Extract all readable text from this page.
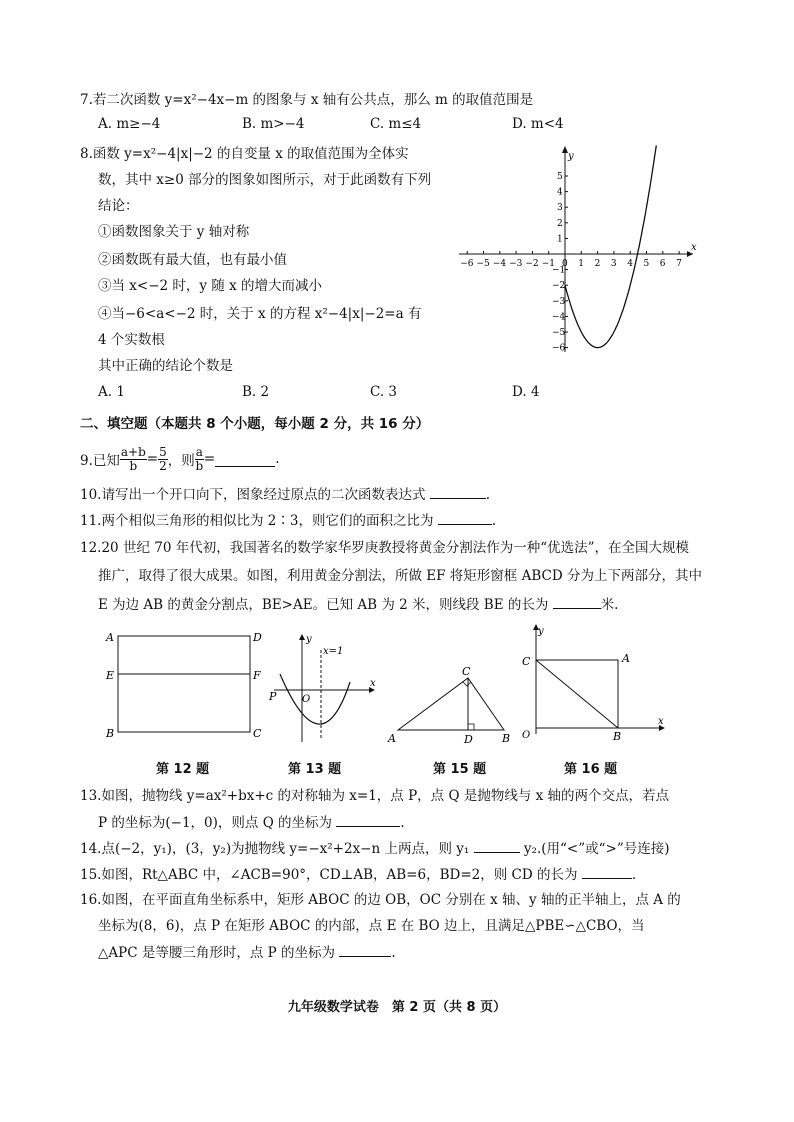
7.若二次函数 y=x²−4x−m 的图象与 x 轴有公共点，那么 m 的取值范围是
A. m≥−4	B. m>−4	C. m≤4	D. m<4
8.函数 y=x²−4|x|−2 的自变量 x 的取值范围为全体实
数，其中 x≥0 部分的图象如图所示，对于此函数有下列
结论：
①函数图象关于 y 轴对称
②函数既有最大值，也有最小值
③当 x<−2 时，y 随 x 的增大而减小
④当−6<a<−2 时，关于 x 的方程 x²−4|x|−2=a 有
4 个实数根
其中正确的结论个数是
A. 1	B. 2	C. 3	D. 4
y
x
−6 −5 −4 −3 −2 −1 0 1 2 3 4 5 6 7
5
4
3
2
1
−1
−2
−3
−4
−5
−6
二、填空题（本题共 8 个小题，每小题 2 分，共 16 分）
9.已知 $\frac{a+b}{b} = \frac{5}{2}$ ，则 $\frac{a}{b}$ =	.
10.请写出一个开口向下，图象经过原点的二次函数表达式	.
11.两个相似三角形的相似比为 2∶3，则它们的面积之比为	.
12.20 世纪 70 年代初，我国著名的数学家华罗庚教授将黄金分割法作为一种“优选法”，在全国大规模
推广，取得了很大成果。如图，利用黄金分割法，所做 EF 将矩形窗框 ABCD 分为上下两部分，其中
E 为边 AB 的黄金分割点，BE>AE。已知 AB 为 2 米，则线段 BE 的长为	米.
A	D
E	F
B	C
y
x=1
P	O
x
C
A	D	B
y
C	A
O	B
x
第 12 题	第 13 题	第 15 题	第 16 题
13.如图，抛物线 y=ax²+bx+c 的对称轴为 x=1，点 P，点 Q 是抛物线与 x 轴的两个交点，若点
P 的坐标为(−1，0)，则点 Q 的坐标为	.
14.点(−2，y₁)，(3，y₂)为抛物线 y=−x²+2x−n 上两点，则 y₁	y₂.(用“<”或“>”号连接)
15.如图，Rt△ABC 中，∠ACB=90°，CD⊥AB，AB=6，BD=2，则 CD 的长为	.
16.如图，在平面直角坐标系中，矩形 ABOC 的边 OB，OC 分别在 x 轴、y 轴的正半轴上，点 A 的
坐标为(8，6)，点 P 在矩形 ABOC 的内部，点 E 在 BO 边上，且满足△PBE∽△CBO，当
△APC 是等腰三角形时，点 P 的坐标为	.
九年级数学试卷　第 2 页（共 8 页）
